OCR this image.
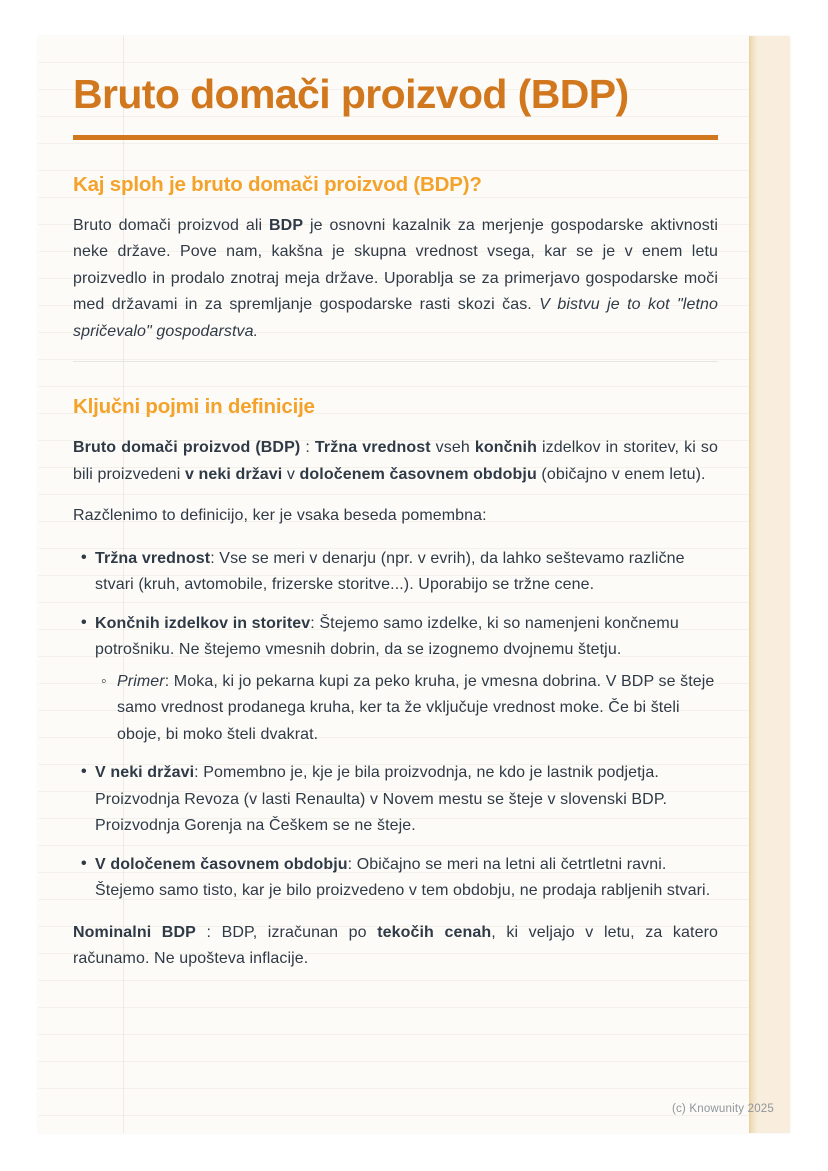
Bruto domači proizvod (BDP)
Kaj sploh je bruto domači proizvod (BDP)?

Bruto domači proizvod ali BDP je osnovni kazalnik za merjenje gospodarske aktivnosti neke države. Pove nam, kakšna je skupna vrednost vsega, kar se je v enem letu proizvedlo in prodalo znotraj meja države. Uporablja se za primerjavo gospodarske moči med državami in za spremljanje gospodarske rasti skozi čas. V bistvu je to kot "letno spričevalo" gospodarstva.

Ključni pojmi in definicije

Bruto domači proizvod (BDP) : Tržna vrednost vseh končnih izdelkov in storitev, ki so bili proizvedeni v neki državi v določenem časovnem obdobju (običajno v enem letu).

Razčlenimo to definicijo, ker je vsaka beseda pomembna:

• Tržna vrednost: Vse se meri v denarju (npr. v evrih), da lahko seštevamo različne stvari (kruh, avtomobile, frizerske storitve...). Uporabijo se tržne cene.
• Končnih izdelkov in storitev: Štejemo samo izdelke, ki so namenjeni končnemu potrošniku. Ne štejemo vmesnih dobrin, da se izognemo dvojnemu štetju.
◦ Primer: Moka, ki jo pekarna kupi za peko kruha, je vmesna dobrina. V BDP se šteje samo vrednost prodanega kruha, ker ta že vključuje vrednost moke. Če bi šteli oboje, bi moko šteli dvakrat.
• V neki državi: Pomembno je, kje je bila proizvodnja, ne kdo je lastnik podjetja. Proizvodnja Revoza (v lasti Renaulta) v Novem mestu se šteje v slovenski BDP. Proizvodnja Gorenja na Češkem se ne šteje.
• V določenem časovnem obdobju: Običajno se meri na letni ali četrtletni ravni. Štejemo samo tisto, kar je bilo proizvedeno v tem obdobju, ne prodaja rabljenih stvari.

Nominalni BDP : BDP, izračunan po tekočih cenah, ki veljajo v letu, za katero računamo. Ne upošteva inflacije.

(c) Knowunity 2025
